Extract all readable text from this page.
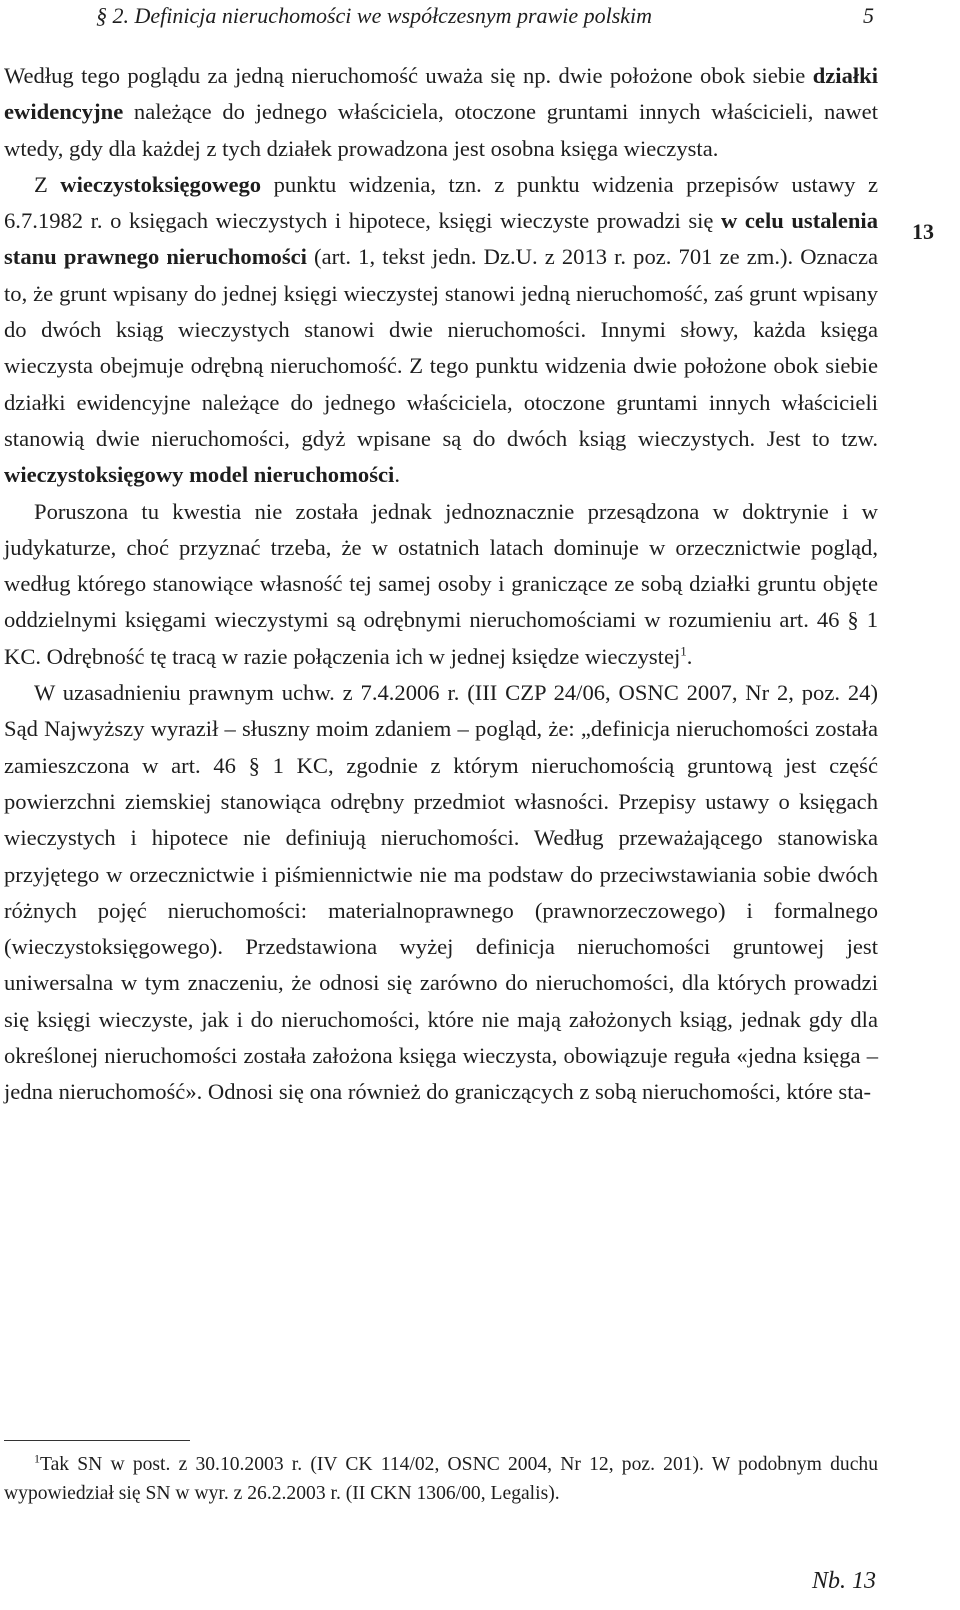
§ 2. Definicja nieruchomości we współczesnym prawie polskim	5
13

Według tego poglądu za jedną nieruchomość uważa się np. dwie położone obok siebie działki ewidencyjne należące do jednego właściciela, otoczone gruntami innych właścicieli, nawet wtedy, gdy dla każdej z tych działek prowadzona jest osobna księga wieczysta.

Z wieczystoksięgowego punktu widzenia, tzn. z punktu widzenia przepisów ustawy z 6.7.1982 r. o księgach wieczystych i hipotece, księgi wieczyste prowadzi się w celu ustalenia stanu prawnego nieruchomości (art. 1, tekst jedn. Dz.U. z 2013 r. poz. 701 ze zm.). Oznacza to, że grunt wpisany do jednej księgi wieczystej stanowi jedną nieruchomość, zaś grunt wpisany do dwóch ksiąg wieczystych stanowi dwie nieruchomości. Innymi słowy, każda księga wieczysta obejmuje odrębną nieruchomość. Z tego punktu widzenia dwie położone obok siebie działki ewidencyjne należące do jednego właściciela, otoczone gruntami innych właścicieli stanowią dwie nieruchomości, gdyż wpisane są do dwóch ksiąg wieczystych. Jest to tzw. wieczystoksięgowy model nieruchomości.

Poruszona tu kwestia nie została jednak jednoznacznie przesądzona w doktrynie i w judykaturze, choć przyznać trzeba, że w ostatnich latach dominuje w orzecznictwie pogląd, według którego stanowiące własność tej samej osoby i graniczące ze sobą działki gruntu objęte oddzielnymi księgami wieczystymi są odrębnymi nieruchomościami w rozumieniu art. 46 § 1 KC. Odrębność tę tracą w razie połączenia ich w jednej księdze wieczystej$^1$.

W uzasadnieniu prawnym uchw. z 7.4.2006 r. (III CZP 24/06, OSNC 2007, Nr 2, poz. 24) Sąd Najwyższy wyraził – słuszny moim zdaniem – pogląd, że: „definicja nieruchomości została zamieszczona w art. 46 § 1 KC, zgodnie z którym nieruchomością gruntową jest część powierzchni ziemskiej stanowiąca odrębny przedmiot własności. Przepisy ustawy o księgach wieczystych i hipotece nie definiują nieruchomości. Według przeważającego stanowiska przyjętego w orzecznictwie i piśmiennictwie nie ma podstaw do przeciwstawiania sobie dwóch różnych pojęć nieruchomości: materialnoprawnego (prawnorzeczowego) i formalnego (wieczystoksięgowego). Przedstawiona wyżej definicja nieruchomości gruntowej jest uniwersalna w tym znaczeniu, że odnosi się zarówno do nieruchomości, dla których prowadzi się księgi wieczyste, jak i do nieruchomości, które nie mają założonych ksiąg, jednak gdy dla określonej nieruchomości została założona księga wieczysta, obowiązuje reguła «jedna księga – jedna nieruchomość». Odnosi się ona również do graniczących z sobą nieruchomości, które sta-

$^1$Tak SN w post. z 30.10.2003 r. (IV CK 114/02, OSNC 2004, Nr 12, poz. 201). W podobnym duchu wypowiedział się SN w wyr. z 26.2.2003 r. (II CKN 1306/00, Legalis).
Nb. 13
